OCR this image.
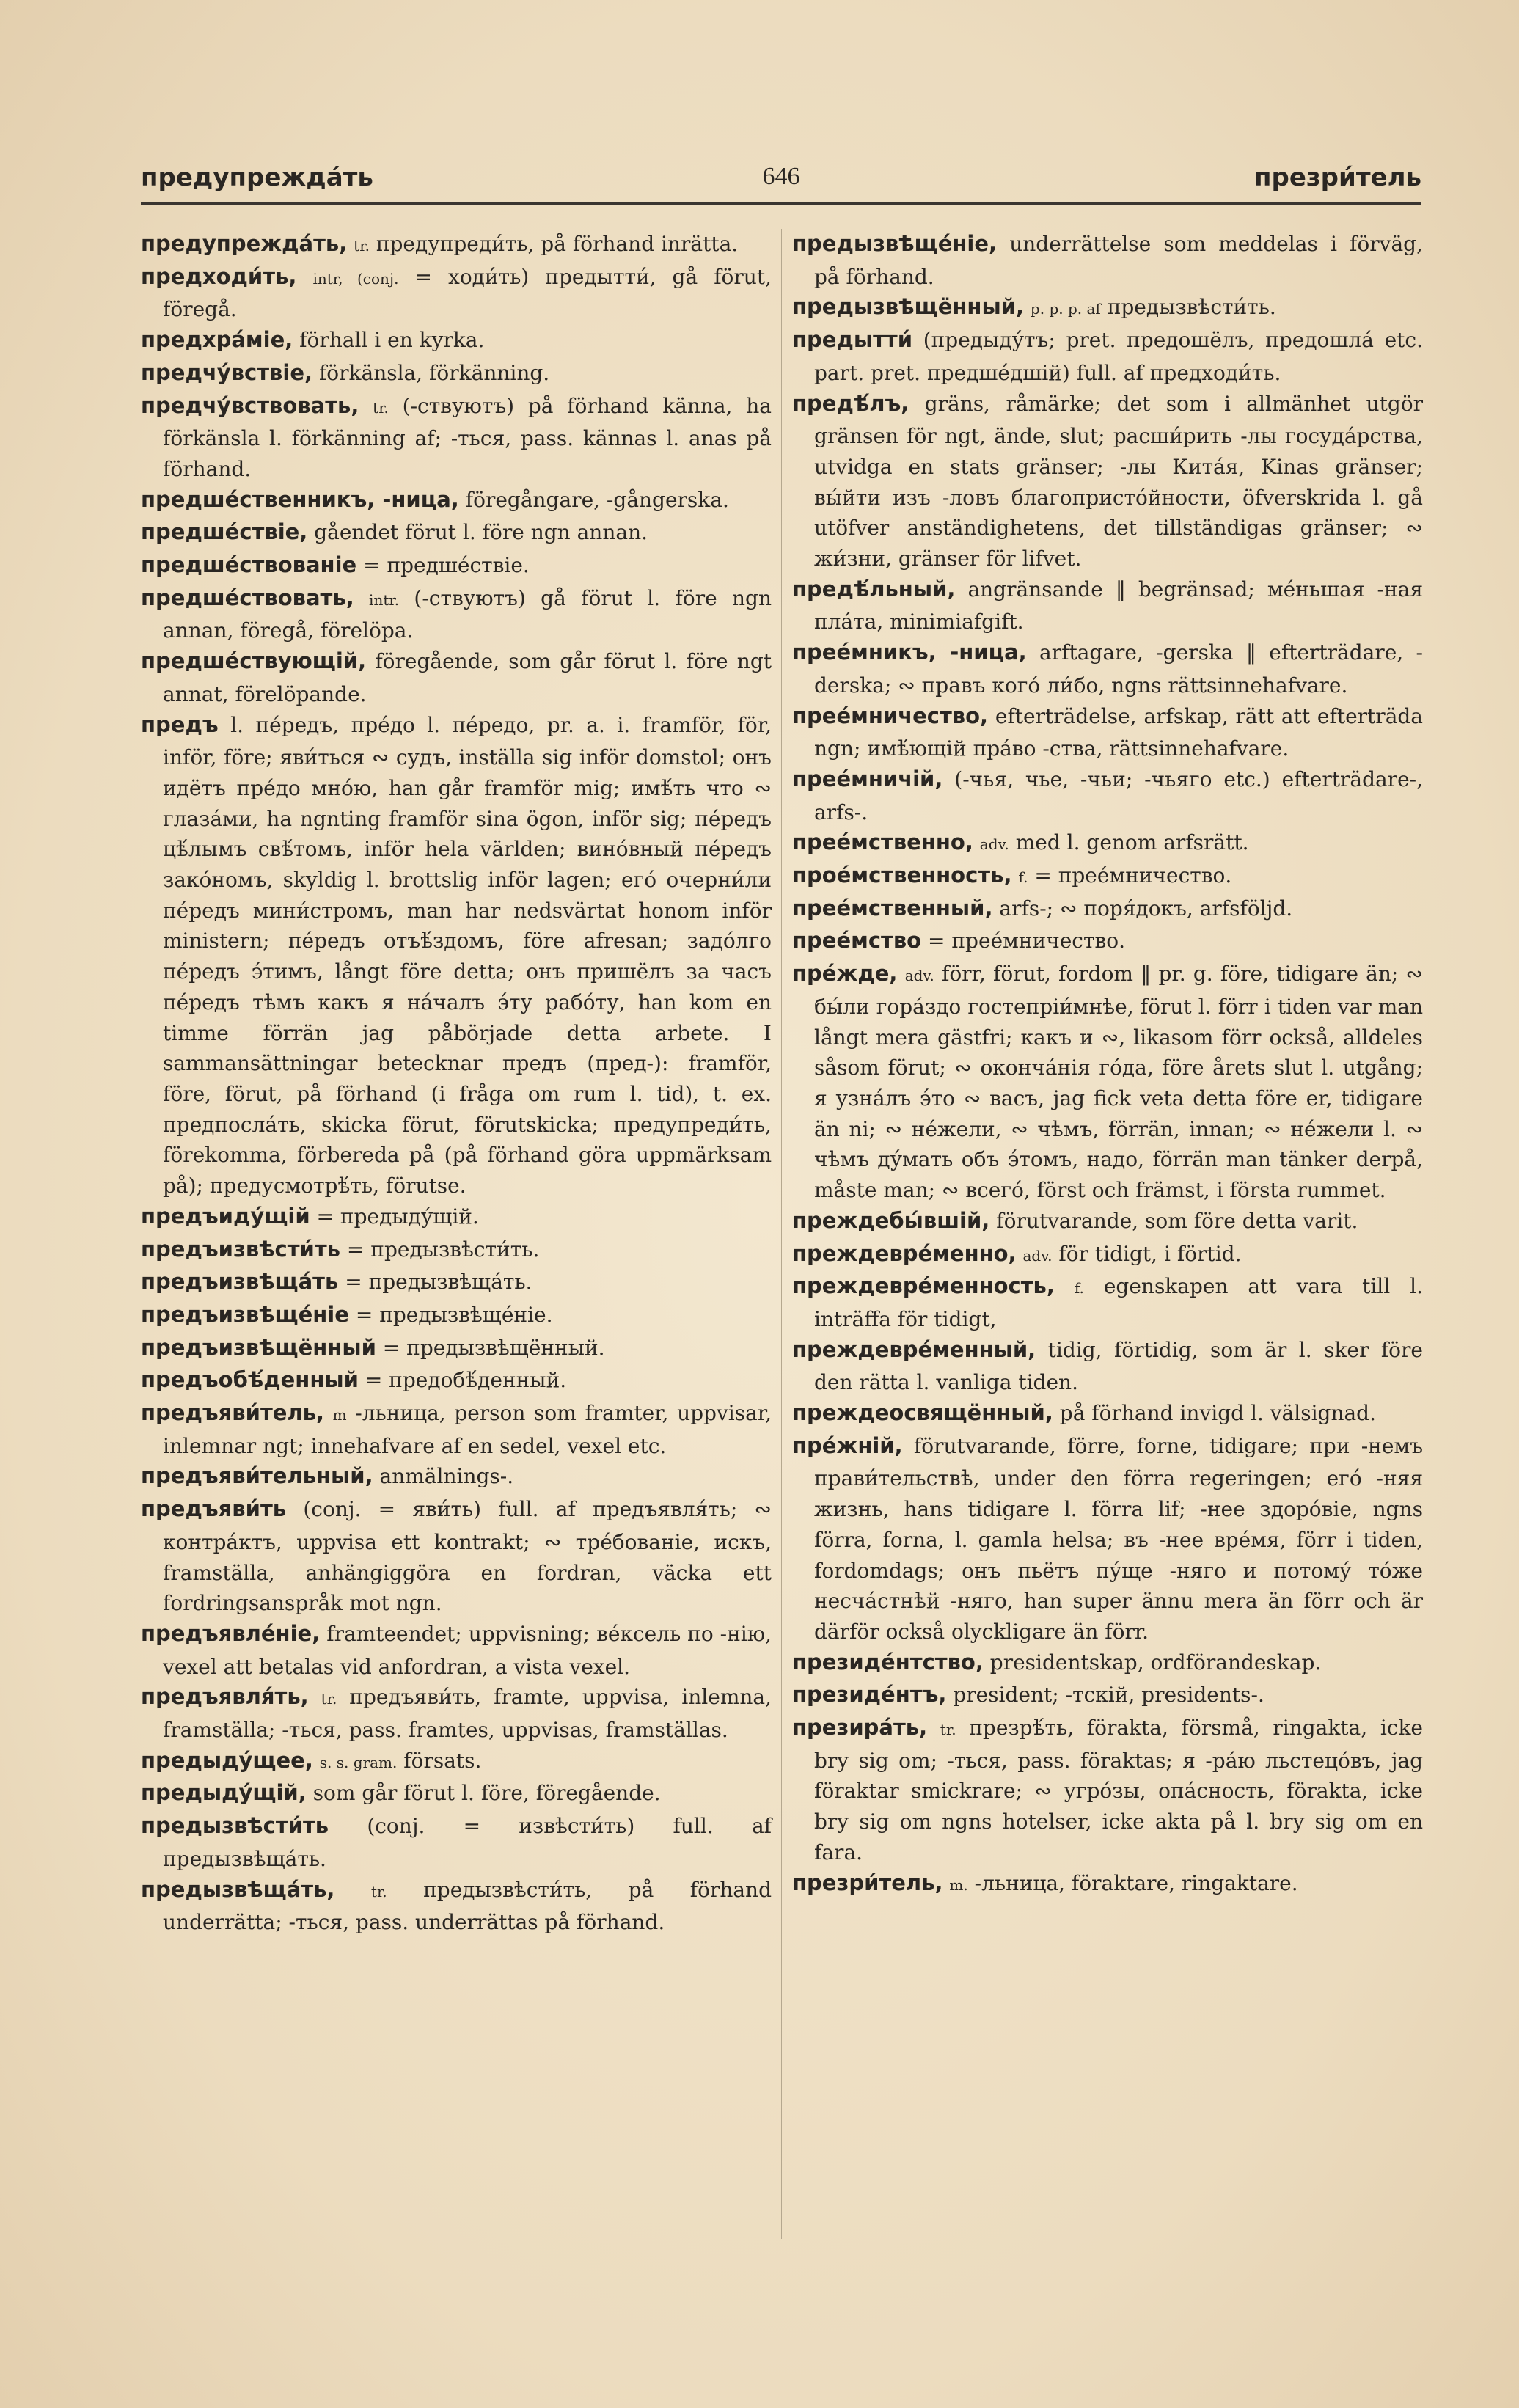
646
предупреждáть	презри́тель

предупреждáть, tr. предупреди́ть, på förhand inrätta.

предходи́ть, intr, (conj. = ходи́ть) предытти́, gå förut, föregå.

предхрáміе, förhall i en kyrka.

предчу́вствіе, förkänsla, förkänning.

предчу́вствовать, tr. (-ствуютъ) på förhand känna, ha förkänsla l. förkänning af; -ться, pass. kännas l. anas på förhand.

предшéственникъ, -ница, föregångare, -gångerska.

предшéствіе, gåendet förut l. före ngn annan.

предшéствованіе = предшéствіе.

предшéствовать, intr. (-ствуютъ) gå förut l. före ngn annan, föregå, förelöpa.

предшéствующій, föregående, som går förut l. före ngt annat, förelöpande.

предъ l. пéредъ, прéдо l. пéредо, pr. a. i. framför, för, inför, före; яви́ться ∾ судъ, inställa sig inför domstol; онъ идётъ прéдо мнóю, han går framför mig; имѣ́ть что ∾ глазáми, ha ngnting framför sina ögon, inför sig; пéредъ цѣ́лымъ свѣ́томъ, inför hela världen; винóвный пéредъ закóномъ, skyldig l. brottslig inför lagen; егó очерни́ли пéредъ мини́стромъ, man har nedsvärtat honom inför ministern; пéредъ отъѣ́здомъ, före afresan; задóлго пéредъ э́тимъ, långt före detta; онъ пришёлъ за часъ пéредъ тѣмъ какъ я нáчалъ э́ту рабóту, han kom en timme förrän jag påbörjade detta arbete. I sammansättningar betecknar предъ (пред-): framför, före, förut, på förhand (i fråga om rum l. tid), t. ex. предпослáть, skicka förut, förutskicka; предупреди́ть, förekomma, förbereda på (på förhand göra uppmärksam på); предусмотрѣ́ть, förutse.

предъиду́щій = предыду́щій.

предъизвѣсти́ть = предызвѣсти́ть.

предъизвѣщáть = предызвѣщáть.

предъизвѣщéніе = предызвѣщéніе.

предъизвѣщённый = предызвѣщённый.

предъобѣ́денный = предобѣ́денный.

предъяви́тель, m -льница, person som framter, uppvisar, inlemnar ngt; innehafvare af en sedel, vexel etc.

предъяви́тельный, anmälnings-.

предъяви́ть (conj. = яви́ть) full. af предъявля́ть; ∾ контрáктъ, uppvisa ett kontrakt; ∾ трéбованіе, искъ, framställa, anhängiggöra en fordran, väcka ett fordringsanspråk mot ngn.

предъявлéніе, framteendet; uppvisning; вéксель по -нію, vexel att betalas vid anfordran, a vista vexel.

предъявля́ть, tr. предъяви́ть, framte, uppvisa, inlemna, framställa; -ться, pass. framtes, uppvisas, framställas.

предыду́щее, s. s. gram. försats.

предыду́щій, som går förut l. före, föregående.

предызвѣсти́ть (conj. = извѣсти́ть) full. af предызвѣщáть.

предызвѣщáть, tr. предызвѣсти́ть, på förhand underrätta; -ться, pass. underrättas på förhand.

предызвѣщéніе, underrättelse som meddelas i förväg, på förhand.

предызвѣщённый, p. p. p. af предызвѣсти́ть.

предытти́ (предыду́тъ; pret. предошёлъ, предошлá etc. part. pret. предшéдшій) full. af предходи́ть.

предѣ́лъ, gräns, råmärke; det som i allmänhet utgör gränsen för ngt, ände, slut; расши́рить -лы госудáрства, utvidga en stats gränser; -лы Китáя, Kinas gränser; вы́йти изъ -ловъ благопристóйности, öfverskrida l. gå utöfver anständighetens, det tillständigas gränser; ∾ жи́зни, gränser för lifvet.

предѣ́льный, angränsande ‖ begränsad; мéньшая -ная плáта, minimiafgift.

преéмникъ, -ница, arftagare, -gerska ‖ efterträdare, -derska; ∾ правъ когó ли́бо, ngns rättsinnehafvare.

преéмничество, efterträdelse, arfskap, rätt att efterträda ngn; имѣ́ющій прáво -ства, rättsinnehafvare.

преéмничій, (-чья, чье, -чьи; -чьяго etc.) efterträdare-, arfs-.

преéмственно, adv. med l. genom arfsrätt.

проéмственность, f. = преéмничество.

преéмственный, arfs-; ∾ поря́докъ, arfsföljd.

преéмство = преéмничество.

прéжде, adv. förr, förut, fordom ‖ pr. g. före, tidigare än; ∾ бы́ли горáздо гостепріи́мнѣе, förut l. förr i tiden var man långt mera gästfri; какъ и ∾, likasom förr också, alldeles såsom förut; ∾ окончáнія гóда, före årets slut l. utgång; я узнáлъ э́то ∾ васъ, jag fick veta detta före er, tidigare än ni; ∾ нéжели, ∾ чѣмъ, förrän, innan; ∾ нéжели l. ∾ чѣмъ ду́мать объ э́томъ, надо, förrän man tänker derpå, måste man; ∾ всегó, först och främst, i första rummet.

преждебы́вшій, förutvarande, som före detta varit.

преждеврéменно, adv. för tidigt, i förtid.

преждеврéменность, f. egenskapen att vara till l. inträffa för tidigt,

преждеврéменный, tidig, förtidig, som är l. sker före den rätta l. vanliga tiden.

преждеосвящённый, på förhand invigd l. välsignad.

прéжній, förutvarande, förre, forne, tidigare; при -немъ прави́тельствѣ, under den förra regeringen; егó -няя жизнь, hans tidigare l. förra lif; -нее здорóвіе, ngns förra, forna, l. gamla helsa; въ -нее врéмя, förr i tiden, fordomdags; онъ пьётъ пу́ще -няго и потому́ тóже несчáстнѣй -няго, han super ännu mera än förr och är därför också olyckligare än förr.

президéнтство, presidentskap, ordförandeskap.

президéнтъ, president; -тскій, presidents-.

презирáть, tr. презрѣ́ть, förakta, försmå, ringakta, icke bry sig om; -ться, pass. föraktas; я -рáю льстецóвъ, jag föraktar smickrare; ∾ угрóзы, опáсность, förakta, icke bry sig om ngns hotelser, icke akta på l. bry sig om en fara.

презри́тель, m. -льница, föraktare, ringaktare.
